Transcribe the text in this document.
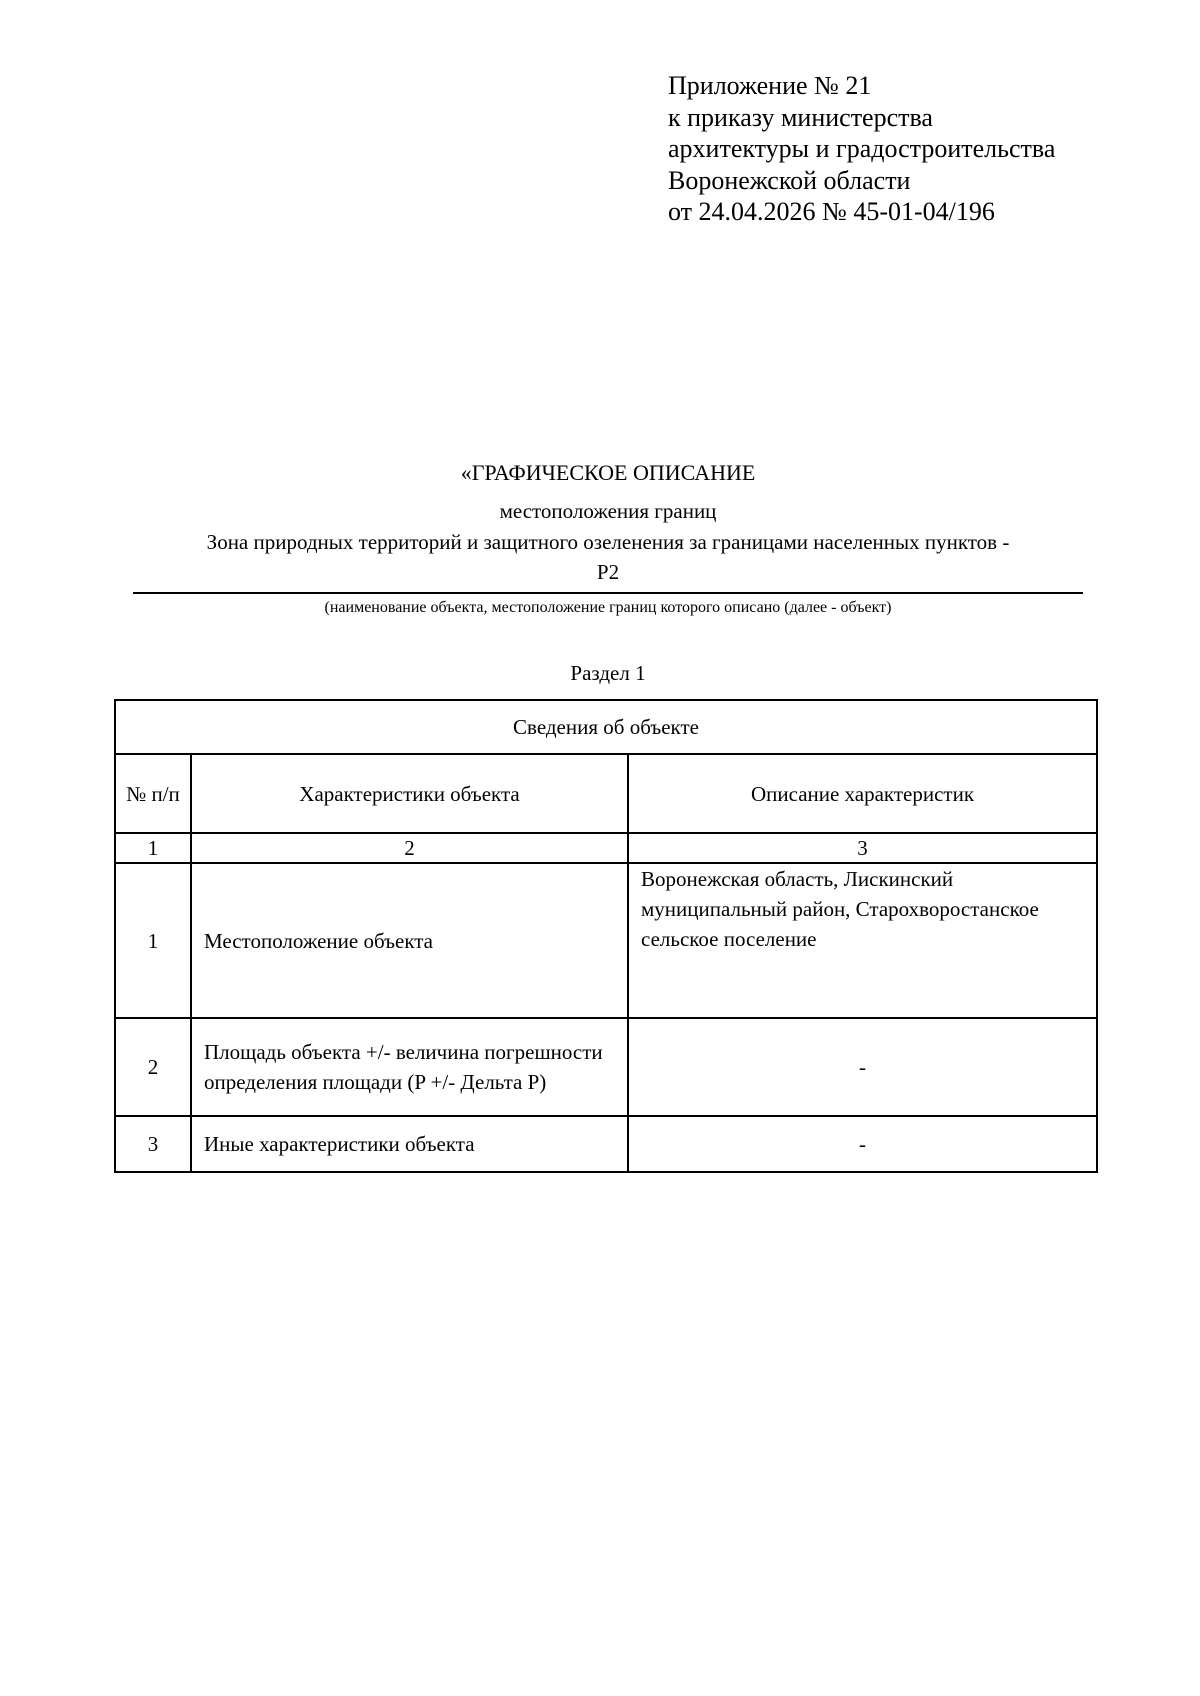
Приложение № 21
к приказу министерства
архитектуры и градостроительства
Воронежской области
от 24.04.2026 № 45-01-04/196
«ГРАФИЧЕСКОЕ ОПИСАНИЕ
местоположения границ
Зона природных территорий и защитного озеленения за границами населенных пунктов -
Р2
(наименование объекта, местоположение границ которого описано (далее - объект)
Раздел 1
Сведения об объекте		
№ п/п	Характеристики объекта	Описание характеристик
1	2	3
1	Местоположение объекта	Воронежская область, Лискинский муниципальный район, Старохворостанское сельское поселение
2	Площадь объекта +/- величина погрешности определения площади (P +/- Дельта P)	-
3	Иные характеристики объекта	-
